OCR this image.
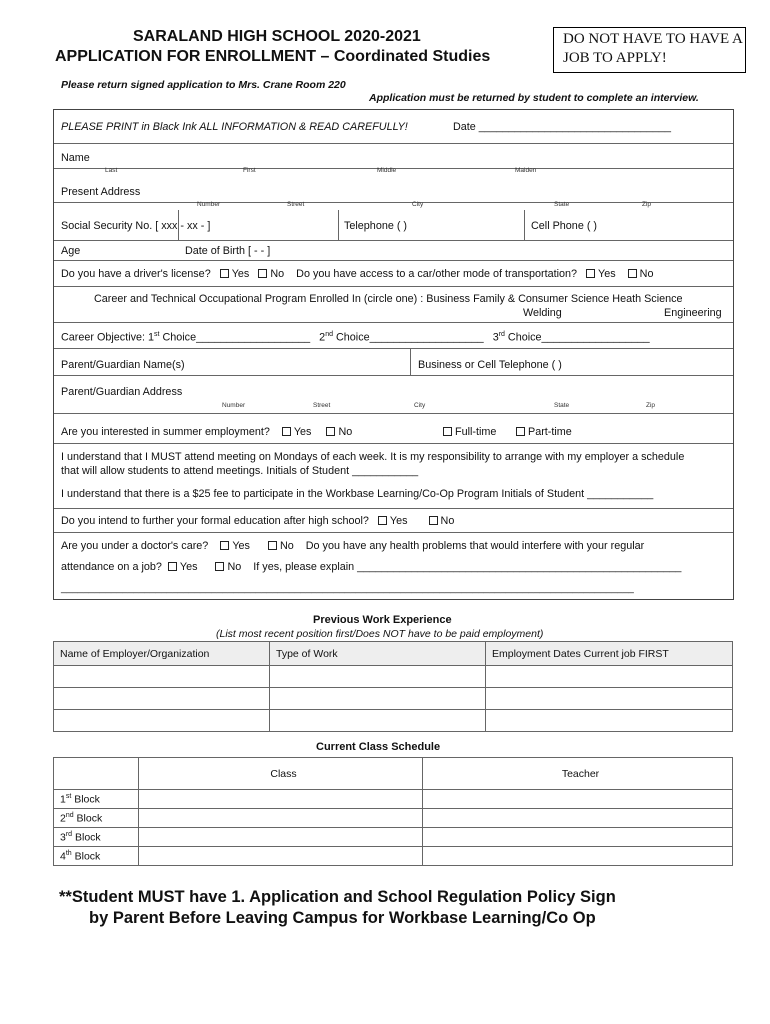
SARALAND HIGH SCHOOL 2020-2021
APPLICATION FOR ENROLLMENT – Coordinated Studies
DO NOT HAVE TO HAVE A JOB TO APPLY!
Please return signed application to Mrs. Crane Room 220
Application must be returned by student to complete an interview.
PLEASE PRINT in Black Ink ALL INFORMATION & READ CAREFULLY!	Date ________________________________
Name
Last	First	Middle	Maiden
Present Address
Number	Street	City	State	Zip
Social Security No. [ xxx - xx - ]	Telephone ( )	Cell Phone ( )
Age	Date of Birth [ - - ]
Do you have a driver's license? Yes No Do you have access to a car/other mode of transportation? Yes No
Career and Technical Occupational Program Enrolled In (circle one) : Business Family & Consumer Science Heath Science
Welding	Engineering
Career Objective: 1st Choice___________________ 2nd Choice___________________ 3rd Choice__________________
Parent/Guardian Name(s)	Business or Cell Telephone ( )
Parent/Guardian Address
Number	Street	City	State	Zip
Are you interested in summer employment? Yes	No	Full-time	Part-time
I understand that I MUST attend meeting on Mondays of each week. It is my responsibility to arrange with my employer a schedule
that will allow students to attend meetings. Initials of Student ___________
I understand that there is a $25 fee to participate in the Workbase Learning/Co-Op Program Initials of Student ___________
Do you intend to further your formal education after high school? Yes	No
Are you under a doctor's care? Yes	No Do you have any health problems that would interfere with your regular
attendance on a job? Yes	No If yes, please explain ______________________________________________________
_______________________________________________________________________________________________________
Previous Work Experience
(List most recent position first/Does NOT have to be paid employment)
Name of Employer/Organization	Type of Work	Employment Dates Current job FIRST

Current Class Schedule
	Class	Teacher
1st Block		
2nd Block		
3rd Block		
4th Block		
**Student MUST have 1. Application and School Regulation Policy Sign
by Parent Before Leaving Campus for Workbase Learning/Co Op
